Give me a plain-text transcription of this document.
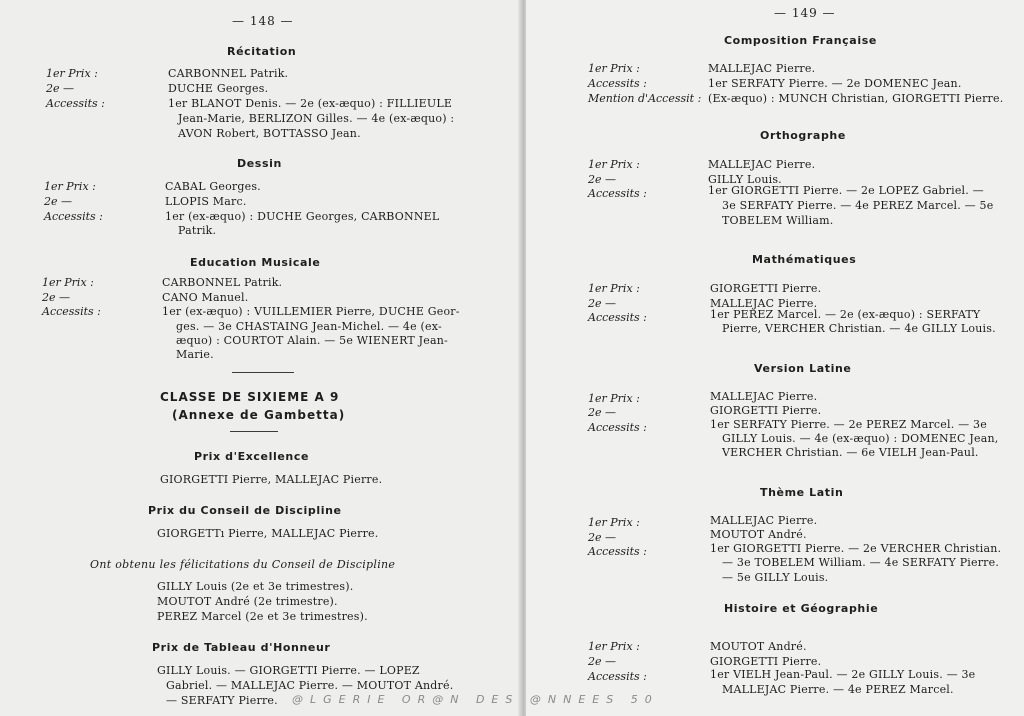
— 148 —
Récitation
1er Prix :	CARBONNEL Patrik.
2e —	DUCHE Georges.
Accessits :	1er BLANOT Denis. — 2e (ex-æquo) : FILLIEULE
Jean-Marie, BERLIZON Gilles. — 4e (ex-æquo) :
AVON Robert, BOTTASSO Jean.
Dessin
1er Prix :	CABAL Georges.
2e —	LLOPIS Marc.
Accessits :	1er (ex-æquo) : DUCHE Georges, CARBONNEL
Patrik.
Education Musicale
1er Prix :	CARBONNEL Patrik.
2e —	CANO Manuel.
Accessits :	1er (ex-æquo) : VUILLEMIER Pierre, DUCHE Geor-
ges. — 3e CHASTAING Jean-Michel. — 4e (ex-
æquo) : COURTOT Alain. — 5e WIENERT Jean-
Marie.
CLASSE DE SIXIEME A 9
(Annexe de Gambetta)
Prix d'Excellence
GIORGETTI Pierre, MALLEJAC Pierre.
Prix du Conseil de Discipline
GIORGETTı Pierre, MALLEJAC Pierre.
Ont obtenu les félicitations du Conseil de Discipline
GILLY Louis (2e et 3e trimestres).
MOUTOT André (2e trimestre).
PEREZ Marcel (2e et 3e trimestres).
Prix de Tableau d'Honneur
GILLY Louis. — GIORGETTI Pierre. — LOPEZ
Gabriel. — MALLEJAC Pierre. — MOUTOT André.
— SERFATY Pierre.
— 149 —
Composition Française
1er Prix :	MALLEJAC Pierre.
Accessits :	1er SERFATY Pierre. — 2e DOMENEC Jean.
Mention d'Accessit : (Ex-æquo) : MUNCH Christian, GIORGETTI Pierre.
Orthographe
1er Prix :	MALLEJAC Pierre.
2e —	GILLY Louis.
Accessits :	1er GIORGETTI Pierre. — 2e LOPEZ Gabriel. —
3e SERFATY Pierre. — 4e PEREZ Marcel. — 5e
TOBELEM William.
Mathématiques
1er Prix :	GIORGETTI Pierre.
2e —	MALLEJAC Pierre.
Accessits :	1er PEREZ Marcel. — 2e (ex-æquo) : SERFATY
Pierre, VERCHER Christian. — 4e GILLY Louis.
Version Latine
1er Prix :	MALLEJAC Pierre.
2e —	GIORGETTI Pierre.
Accessits :	1er SERFATY Pierre. — 2e PEREZ Marcel. — 3e
GILLY Louis. — 4e (ex-æquo) : DOMENEC Jean,
VERCHER Christian. — 6e VIELH Jean-Paul.
Thème Latin
1er Prix :	MALLEJAC Pierre.
2e —	MOUTOT André.
Accessits :	1er GIORGETTI Pierre. — 2e VERCHER Christian.
— 3e TOBELEM William. — 4e SERFATY Pierre.
— 5e GILLY Louis.
Histoire et Géographie
1er Prix :	MOUTOT André.
2e —	GIORGETTI Pierre.
Accessits :	1er VIELH Jean-Paul. — 2e GILLY Louis. — 3e
MALLEJAC Pierre. — 4e PEREZ Marcel.
@LGERIE OR@N DES @NNEES 50
